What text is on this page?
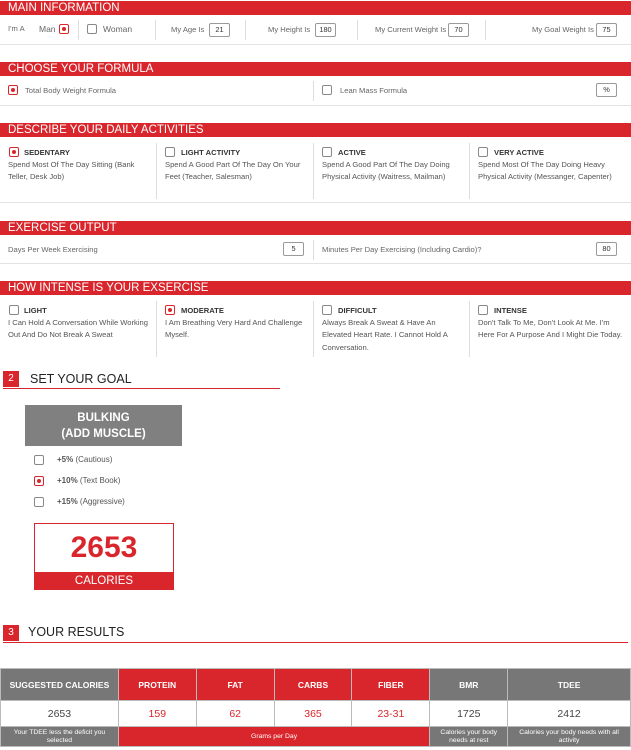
MAIN INFORMATION
I'm A Man	Woman	My Age Is	21	My Height Is	180	My Current Weight Is	70	My Goal Weight Is	75
CHOOSE YOUR FORMULA
Total Body Weight Formula	Lean Mass Formula	%
DESCRIBE YOUR DAILY ACTIVITIES
SEDENTARY
Spend Most Of The Day Sitting (Bank Teller, Desk Job)
LIGHT ACTIVITY
Spend A Good Part Of The Day On Your Feet (Teacher, Salesman)
ACTIVE
Spend A Good Part Of The Day Doing Physical Activity (Waitress, Mailman)
VERY ACTIVE
Spend Most Of The Day Doing Heavy Physical Activity (Messanger, Capenter)
EXERCISE OUTPUT
Days Per Week Exercising	5	Minutes Per Day Exercising (Including Cardio)?	80
HOW INTENSE IS YOUR EXSERCISE
LIGHT
I Can Hold A Conversation While Working Out And Do Not Break A Sweat
MODERATE
I Am Breathing Very Hard And Challenge Myself.
DIFFICULT
Always Break A Sweat & Have An Elevated Heart Rate. I Cannot Hold A Conversation.
INTENSE
Don't Talk To Me, Don't Look At Me. I'm Here For A Purpose And I Might Die Today.
2	SET YOUR GOAL
BULKING
(ADD MUSCLE)
+5% (Cautious)
+10% (Text Book)
+15% (Aggressive)
2653
CALORIES
3	YOUR RESULTS
SUGGESTED CALORIES	PROTEIN	FAT	CARBS	FIBER	BMR	TDEE
2653	159	62	365	23-31	1725	2412
Your TDEE less the deficit you selected	Grams per Day				Calories your body needs at rest	Calories your body needs with all activity
